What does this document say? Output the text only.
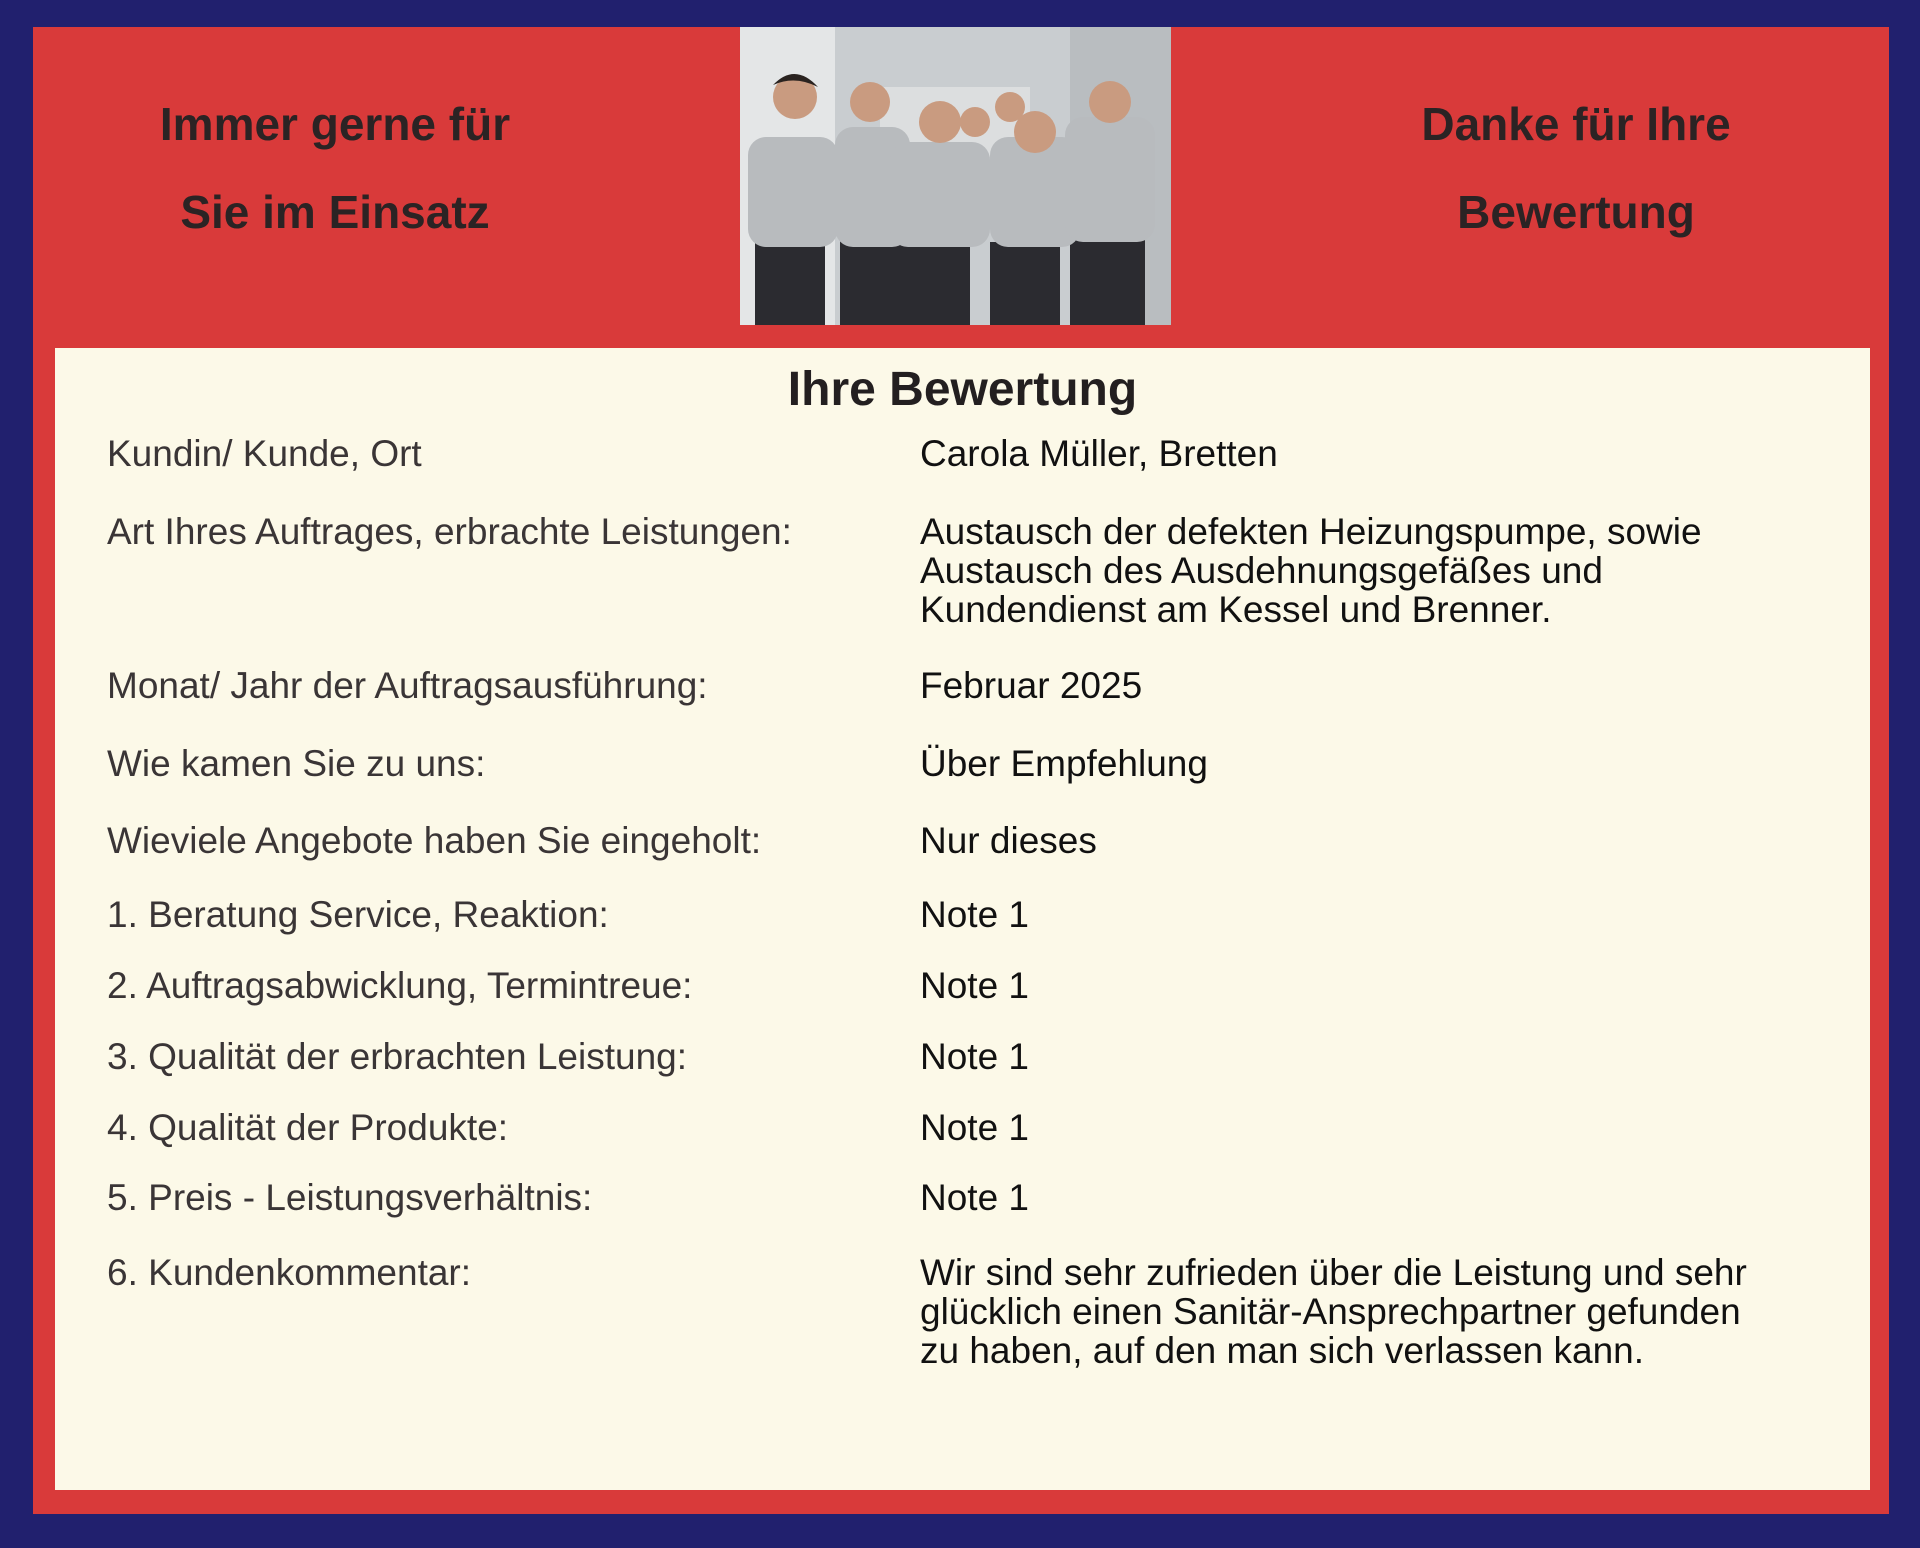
Immer gerne für
Sie im Einsatz
Danke für Ihre
Bewertung
Ihre Bewertung
Kundin/ Kunde, Ort	Carola Müller, Bretten
Art Ihres Auftrages, erbrachte Leistungen:	Austausch der defekten Heizungspumpe, sowie
Austausch des Ausdehnungsgefäßes und
Kundendienst am Kessel und Brenner.
Monat/ Jahr der Auftragsausführung:	Februar 2025
Wie kamen Sie zu uns:	Über Empfehlung
Wieviele Angebote haben Sie eingeholt:	Nur dieses
1. Beratung Service, Reaktion:	Note 1
2. Auftragsabwicklung, Termintreue:	Note 1
3. Qualität der erbrachten Leistung:	Note 1
4. Qualität der Produkte:	Note 1
5. Preis - Leistungsverhältnis:	Note 1
6. Kundenkommentar:	Wir sind sehr zufrieden über die Leistung und sehr
glücklich einen Sanitär-Ansprechpartner gefunden
zu haben, auf den man sich verlassen kann.
